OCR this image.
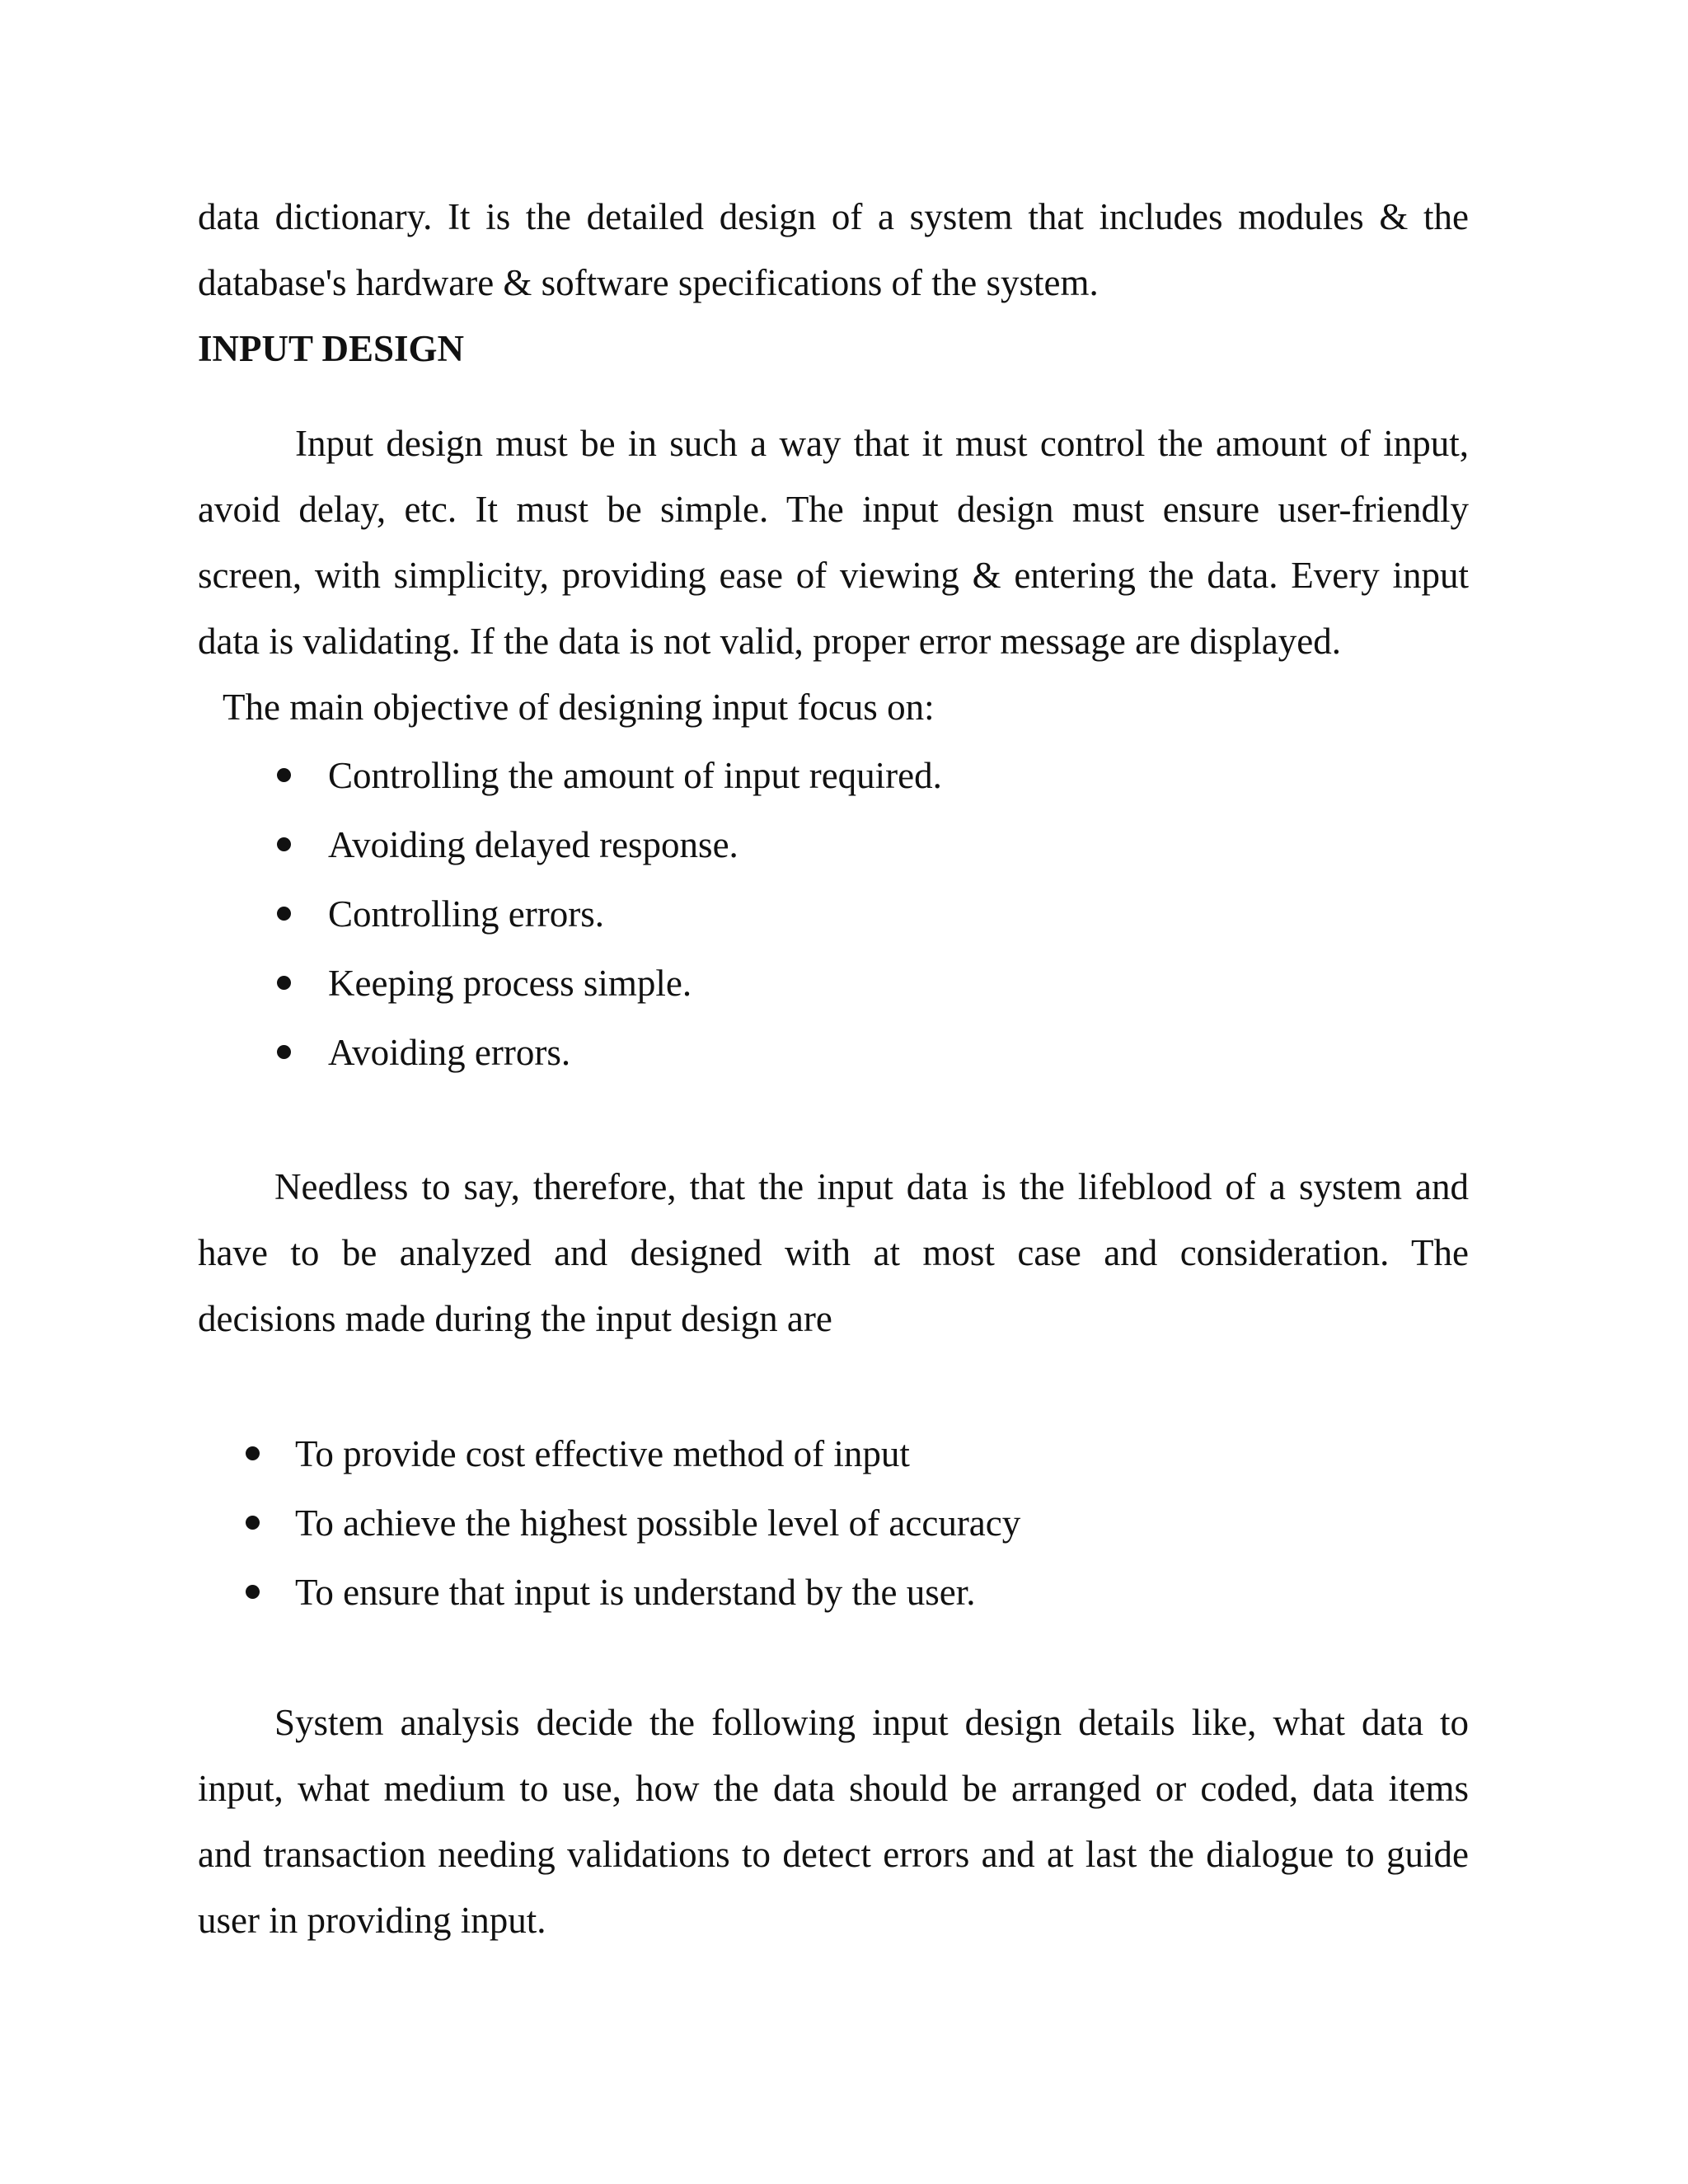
data dictionary. It is the detailed design of a system that includes modules & the

database's hardware & software specifications of the system.

INPUT DESIGN

Input design must be in such a way that it must control the amount of input,

avoid delay, etc. It must be simple. The input design must ensure user-friendly

screen, with simplicity, providing ease of viewing & entering the data. Every input

data is validating. If the data is not valid, proper error message are displayed.

The main objective of designing input focus on:

Controlling the amount of input required.
Avoiding delayed response.
Controlling errors.
Keeping process simple.
Avoiding errors.

Needless to say, therefore, that the input data is the lifeblood of a system and

have to be analyzed and designed with at most case and consideration. The

decisions made during the input design are

To provide cost effective method of input
To achieve the highest possible level of accuracy
To ensure that input is understand by the user.

System analysis decide the following input design details like, what data to

input, what medium to use, how the data should be arranged or coded, data items

and transaction needing validations to detect errors and at last the dialogue to guide

user in providing input.
